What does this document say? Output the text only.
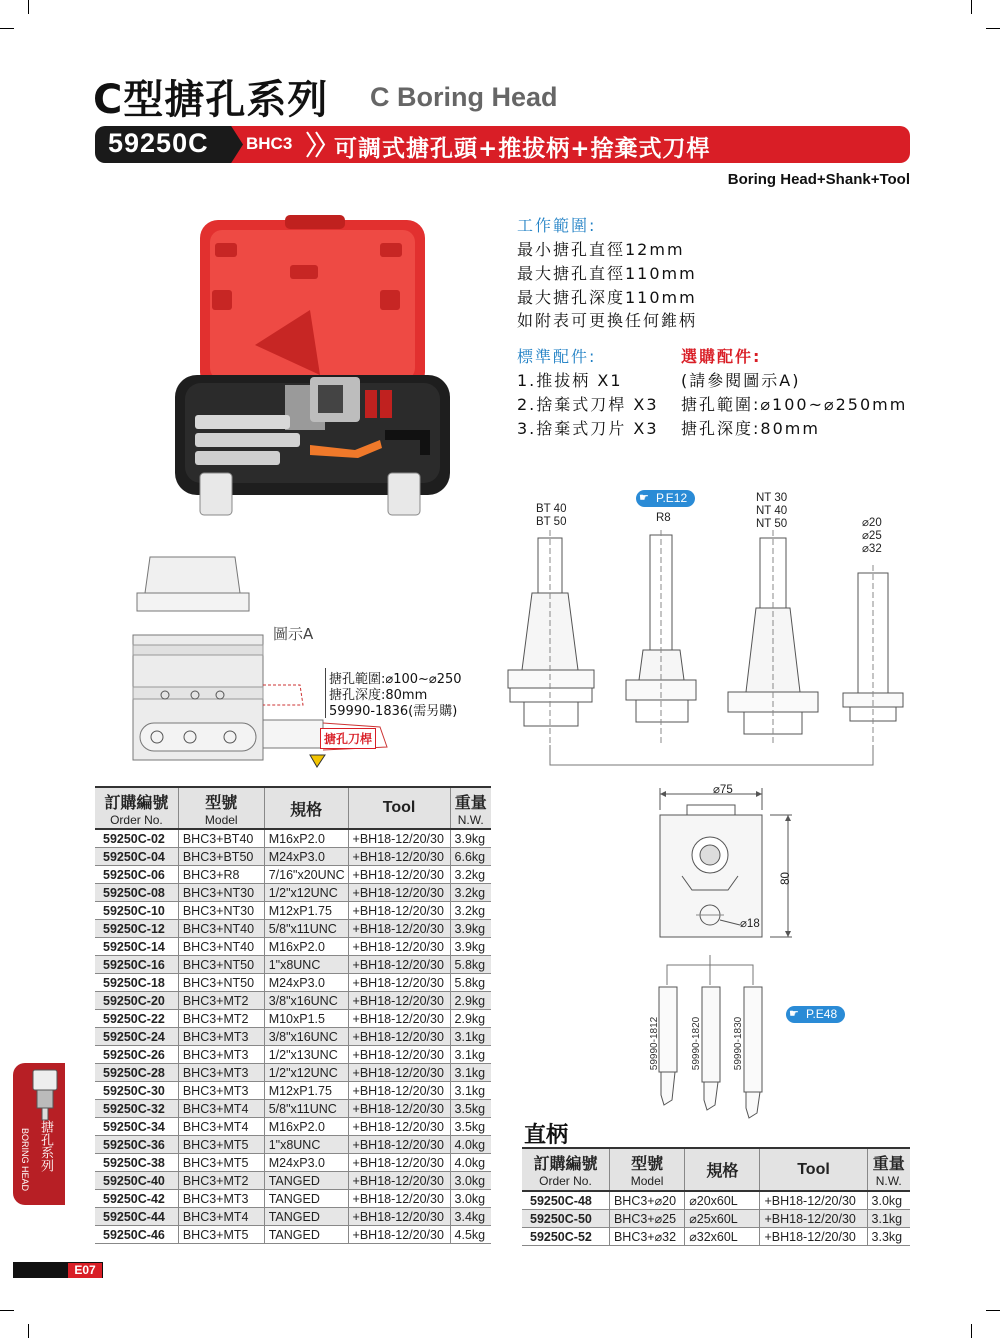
C型搪孔系列 C Boring Head
59250C BHC3 可調式搪孔頭+推拔柄+捨棄式刀桿
Boring Head+Shank+Tool
工作範圍:
最小搪孔直徑12mm
最大搪孔直徑110mm
最大搪孔深度110mm
如附表可更換任何錐柄
標準配件:
1.推拔柄 X1
2.捨棄式刀桿 X3
3.捨棄式刀片 X3
選購配件:
(請參閱圖示A)
搪孔範圍:⌀100~⌀250mm
搪孔深度:80mm
圖示A
搪孔範圍:⌀100~⌀250
搪孔深度:80mm
59990-1836(需另購)
搪孔刀桿
BT 40
BT 50	R8
NT 30
NT 40
NT 50	⌀20
⌀25
⌀32
☛ P.E12
⌀75
80
⌀18
59990-1812	59990-1820	59990-1830
☛ P.E48
訂購編號
Order No.	型號
Model	規格	Tool	重量
N.W.

59250C-02	BHC3+BT40	M16xP2.0	+BH18-12/20/30	3.9kg
59250C-04	BHC3+BT50	M24xP3.0	+BH18-12/20/30	6.6kg
59250C-06	BHC3+R8	7/16"x20UNC	+BH18-12/20/30	3.2kg
59250C-08	BHC3+NT30	1/2"x12UNC	+BH18-12/20/30	3.2kg
59250C-10	BHC3+NT30	M12xP1.75	+BH18-12/20/30	3.2kg
59250C-12	BHC3+NT40	5/8"x11UNC	+BH18-12/20/30	3.9kg
59250C-14	BHC3+NT40	M16xP2.0	+BH18-12/20/30	3.9kg
59250C-16	BHC3+NT50	1"x8UNC	+BH18-12/20/30	5.8kg
59250C-18	BHC3+NT50	M24xP3.0	+BH18-12/20/30	5.8kg
59250C-20	BHC3+MT2	3/8"x16UNC	+BH18-12/20/30	2.9kg
59250C-22	BHC3+MT2	M10xP1.5	+BH18-12/20/30	2.9kg
59250C-24	BHC3+MT3	3/8"x16UNC	+BH18-12/20/30	3.1kg
59250C-26	BHC3+MT3	1/2"x13UNC	+BH18-12/20/30	3.1kg
59250C-28	BHC3+MT3	1/2"x12UNC	+BH18-12/20/30	3.1kg
59250C-30	BHC3+MT3	M12xP1.75	+BH18-12/20/30	3.1kg
59250C-32	BHC3+MT4	5/8"x11UNC	+BH18-12/20/30	3.5kg
59250C-34	BHC3+MT4	M16xP2.0	+BH18-12/20/30	3.5kg
59250C-36	BHC3+MT5	1"x8UNC	+BH18-12/20/30	4.0kg
59250C-38	BHC3+MT5	M24xP3.0	+BH18-12/20/30	4.0kg
59250C-40	BHC3+MT2	TANGED	+BH18-12/20/30	3.0kg
59250C-42	BHC3+MT3	TANGED	+BH18-12/20/30	3.0kg
59250C-44	BHC3+MT4	TANGED	+BH18-12/20/30	3.4kg
59250C-46	BHC3+MT5	TANGED	+BH18-12/20/30	4.5kg
直柄
訂購編號
Order No.	型號
Model	規格	Tool	重量
N.W.

59250C-48	BHC3+⌀20	⌀20x60L	+BH18-12/20/30	3.0kg
59250C-50	BHC3+⌀25	⌀25x60L	+BH18-12/20/30	3.1kg
59250C-52	BHC3+⌀32	⌀32x60L	+BH18-12/20/30	3.3kg
搪孔系列
BORING HEAD
E07
